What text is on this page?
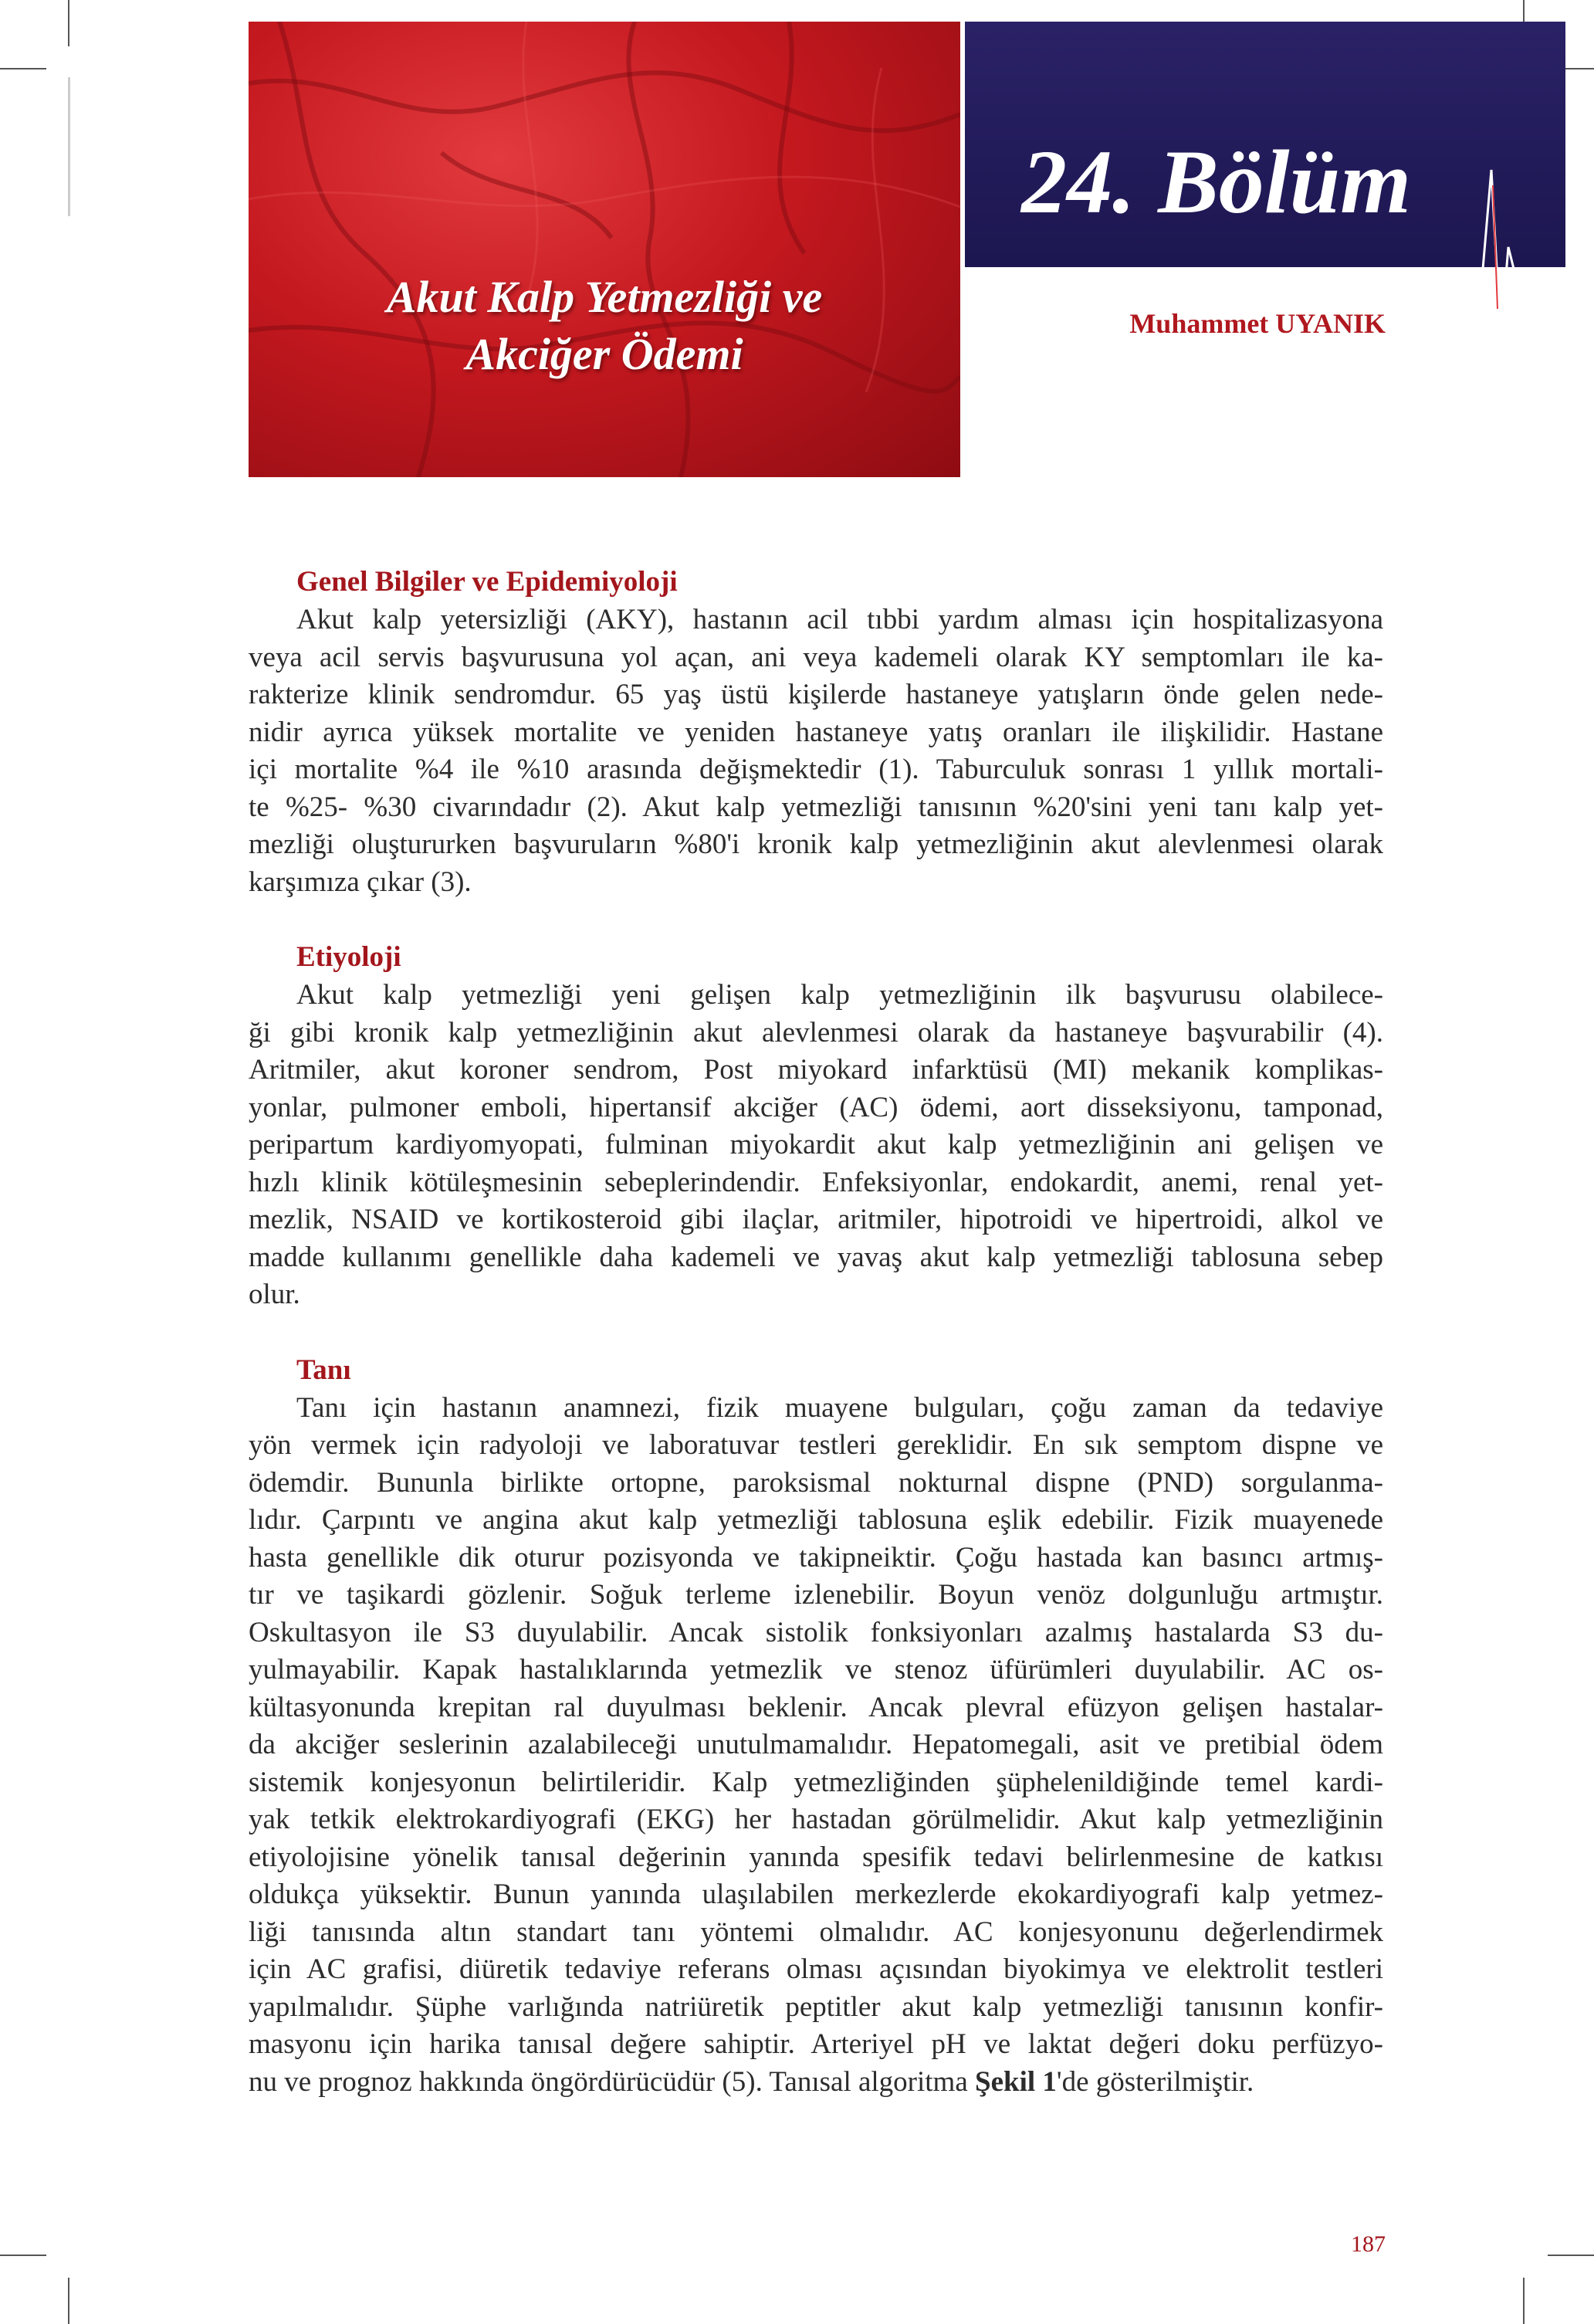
Akut Kalp Yetmezliği ve
Akciğer Ödemi
24. Bölüm
Muhammet UYANIK
Genel Bilgiler ve Epidemiyoloji
Akut kalp yetersizliği (AKY), hastanın acil tıbbi yardım alması için hospitalizasyona
veya acil servis başvurusuna yol açan, ani veya kademeli olarak KY semptomları ile ka-
rakterize klinik sendromdur. 65 yaş üstü kişilerde hastaneye yatışların önde gelen nede-
nidir ayrıca yüksek mortalite ve yeniden hastaneye yatış oranları ile ilişkilidir. Hastane
içi mortalite %4 ile %10 arasında değişmektedir (1). Taburculuk sonrası 1 yıllık mortali-
te %25- %30 civarındadır (2). Akut kalp yetmezliği tanısının %20'sini yeni tanı kalp yet-
mezliği oluştururken başvuruların %80'i kronik kalp yetmezliğinin akut alevlenmesi olarak
karşımıza çıkar (3).
Etiyoloji
Akut kalp yetmezliği yeni gelişen kalp yetmezliğinin ilk başvurusu olabilece-
ği gibi kronik kalp yetmezliğinin akut alevlenmesi olarak da hastaneye başvurabilir (4).
Aritmiler, akut koroner sendrom, Post miyokard infarktüsü (MI) mekanik komplikas-
yonlar, pulmoner emboli, hipertansif akciğer (AC) ödemi, aort disseksiyonu, tamponad,
peripartum kardiyomyopati, fulminan miyokardit akut kalp yetmezliğinin ani gelişen ve
hızlı klinik kötüleşmesinin sebeplerindendir. Enfeksiyonlar, endokardit, anemi, renal yet-
mezlik, NSAID ve kortikosteroid gibi ilaçlar, aritmiler, hipotroidi ve hipertroidi, alkol ve
madde kullanımı genellikle daha kademeli ve yavaş akut kalp yetmezliği tablosuna sebep
olur.
Tanı
Tanı için hastanın anamnezi, fizik muayene bulguları, çoğu zaman da tedaviye
yön vermek için radyoloji ve laboratuvar testleri gereklidir. En sık semptom dispne ve
ödemdir. Bununla birlikte ortopne, paroksismal nokturnal dispne (PND) sorgulanma-
lıdır. Çarpıntı ve angina akut kalp yetmezliği tablosuna eşlik edebilir. Fizik muayenede
hasta genellikle dik oturur pozisyonda ve takipneiktir. Çoğu hastada kan basıncı artmış-
tır ve taşikardi gözlenir. Soğuk terleme izlenebilir. Boyun venöz dolgunluğu artmıştır.
Oskultasyon ile S3 duyulabilir. Ancak sistolik fonksiyonları azalmış hastalarda S3 du-
yulmayabilir. Kapak hastalıklarında yetmezlik ve stenoz üfürümleri duyulabilir. AC os-
kültasyonunda krepitan ral duyulması beklenir. Ancak plevral efüzyon gelişen hastalar-
da akciğer seslerinin azalabileceği unutulmamalıdır. Hepatomegali, asit ve pretibial ödem
sistemik konjesyonun belirtileridir. Kalp yetmezliğinden şüphelenildiğinde temel kardi-
yak tetkik elektrokardiyografi (EKG) her hastadan görülmelidir. Akut kalp yetmezliğinin
etiyolojisine yönelik tanısal değerinin yanında spesifik tedavi belirlenmesine de katkısı
oldukça yüksektir. Bunun yanında ulaşılabilen merkezlerde ekokardiyografi kalp yetmez-
liği tanısında altın standart tanı yöntemi olmalıdır. AC konjesyonunu değerlendirmek
için AC grafisi, diüretik tedaviye referans olması açısından biyokimya ve elektrolit testleri
yapılmalıdır. Şüphe varlığında natriüretik peptitler akut kalp yetmezliği tanısının konfir-
masyonu için harika tanısal değere sahiptir. Arteriyel pH ve laktat değeri doku perfüzyo-
nu ve prognoz hakkında öngördürücüdür (5). Tanısal algoritma Şekil 1'de gösterilmiştir.
187
